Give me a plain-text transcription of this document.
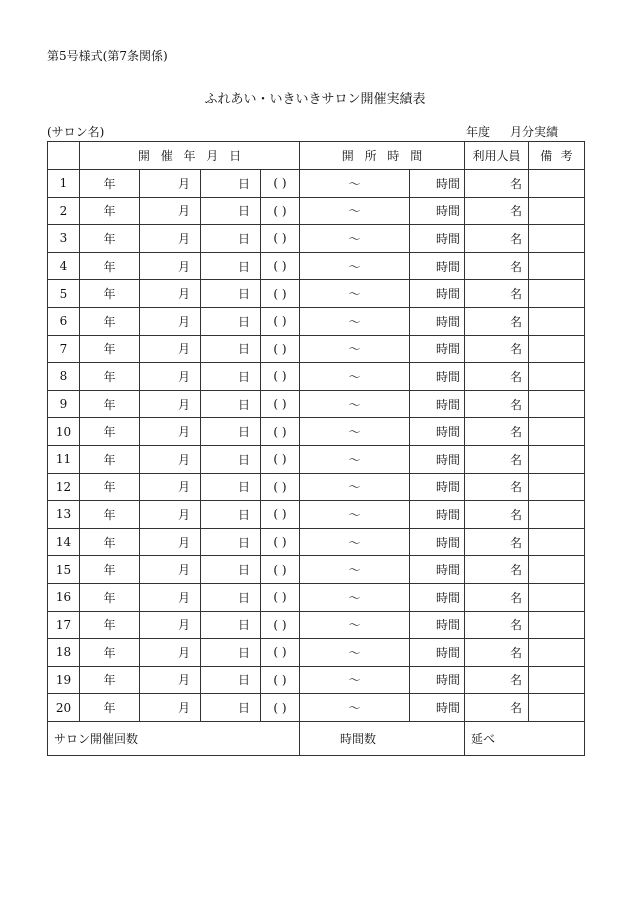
第5号様式(第7条関係)
ふれあい・いきいきサロン開催実績表
(サロン名)	年度 月分実績
	開催年月日				開所時間		利用人員	備考
1	年	月	日	( )	〜	時間	名	
2	年	月	日	( )	〜	時間	名	
3	年	月	日	( )	〜	時間	名	
4	年	月	日	( )	〜	時間	名	
5	年	月	日	( )	〜	時間	名	
6	年	月	日	( )	〜	時間	名	
7	年	月	日	( )	〜	時間	名	
8	年	月	日	( )	〜	時間	名	
9	年	月	日	( )	〜	時間	名	
10	年	月	日	( )	〜	時間	名	
11	年	月	日	( )	〜	時間	名	
12	年	月	日	( )	〜	時間	名	
13	年	月	日	( )	〜	時間	名	
14	年	月	日	( )	〜	時間	名	
15	年	月	日	( )	〜	時間	名	
16	年	月	日	( )	〜	時間	名	
17	年	月	日	( )	〜	時間	名	
18	年	月	日	( )	〜	時間	名	
19	年	月	日	( )	〜	時間	名	
20	年	月	日	( )	〜	時間	名	
サロン開催回数					時間数		延べ	
